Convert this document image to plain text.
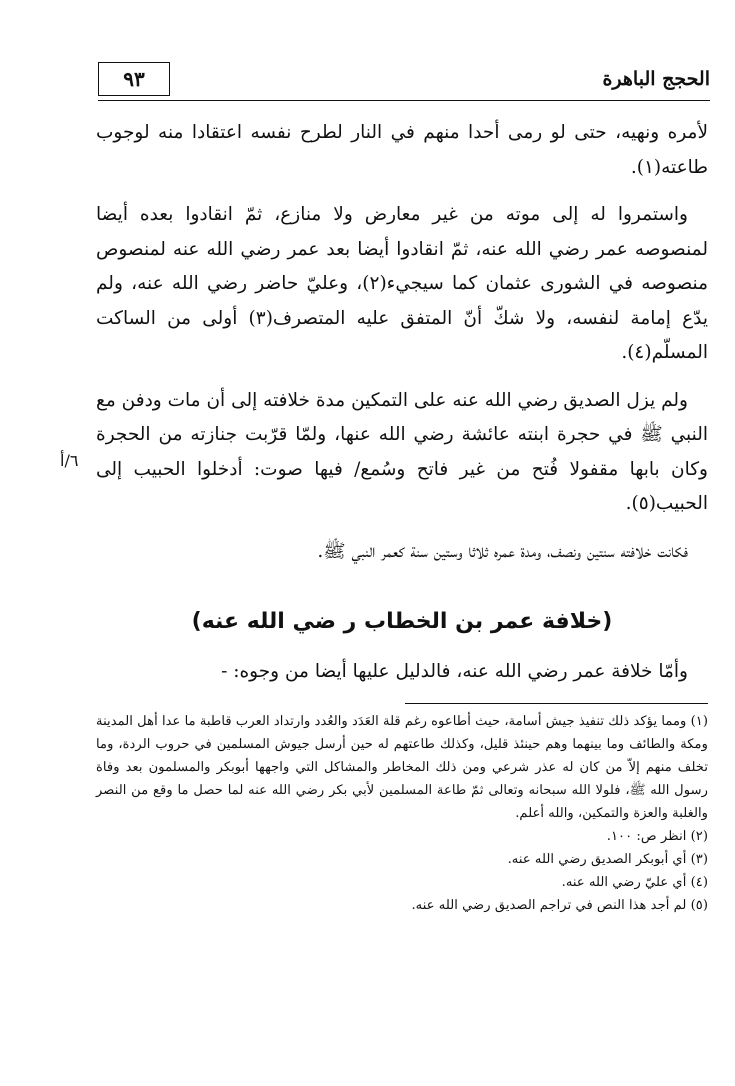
٩٣	الحجج الباهرة
٦/أ

لأمره ونهيه، حتى لو رمى أحدا منهم في النار لطرح نفسه اعتقادا منه لوجوب طاعته(١).

واستمروا له إلى موته من غير معارض ولا منازع، ثمّ انقادوا بعده أيضا لمنصوصه عمر رضي الله عنه، ثمّ انقادوا أيضا بعد عمر رضي الله عنه لمنصوص منصوصه في الشورى عثمان كما سيجيء(٢)، وعليّ حاضر رضي الله عنه، ولم يدّع إمامة لنفسه، ولا شكّ أنّ المتفق عليه المتصرف(٣) أولى من الساكت المسلّم(٤).

ولم يزل الصديق رضي الله عنه على التمكين مدة خلافته إلى أن مات ودفن مع النبي ﷺ في حجرة ابنته عائشة رضي الله عنها، ولمّا قرّبت جنازته من الحجرة وكان بابها مقفولا فُتح من غير فاتح وسُمع/ فيها صوت: أدخلوا الحبيب إلى الحبيب(٥).

فكانت خلافته سنتين ونصف، ومدة عمره ثلاثا وستين سنة كعمر النبي ﷺ.

(خلافة عمر بن الخطاب ر ضي الله عنه)
وأمّا خلافة عمر رضي الله عنه، فالدليل عليها أيضا من وجوه: -

(١) ومما يؤكد ذلك تنفيذ جيش أسامة، حيث أطاعوه رغم قلة العَدَد والعُدد وارتداد العرب قاطبة ما عدا أهل المدينة ومكة والطائف وما بينهما وهم حينئذ قليل، وكذلك طاعتهم له حين أرسل جيوش المسلمين في حروب الردة، وما تخلف منهم إلاّ من كان له عذر شرعي ومن ذلك المخاطر والمشاكل التي واجهها أبوبكر والمسلمون بعد وفاة رسول الله ﷺ، فلولا الله سبحانه وتعالى ثمّ طاعة المسلمين لأبي بكر رضي الله عنه لما حصل ما وقع من النصر والغلبة والعزة والتمكين، والله أعلم.

(٢) انظر ص: ١٠٠.

(٣) أي أبوبكر الصديق رضي الله عنه.

(٤) أي عليّ رضي الله عنه.

(٥) لم أجد هذا النص في تراجم الصديق رضي الله عنه.
